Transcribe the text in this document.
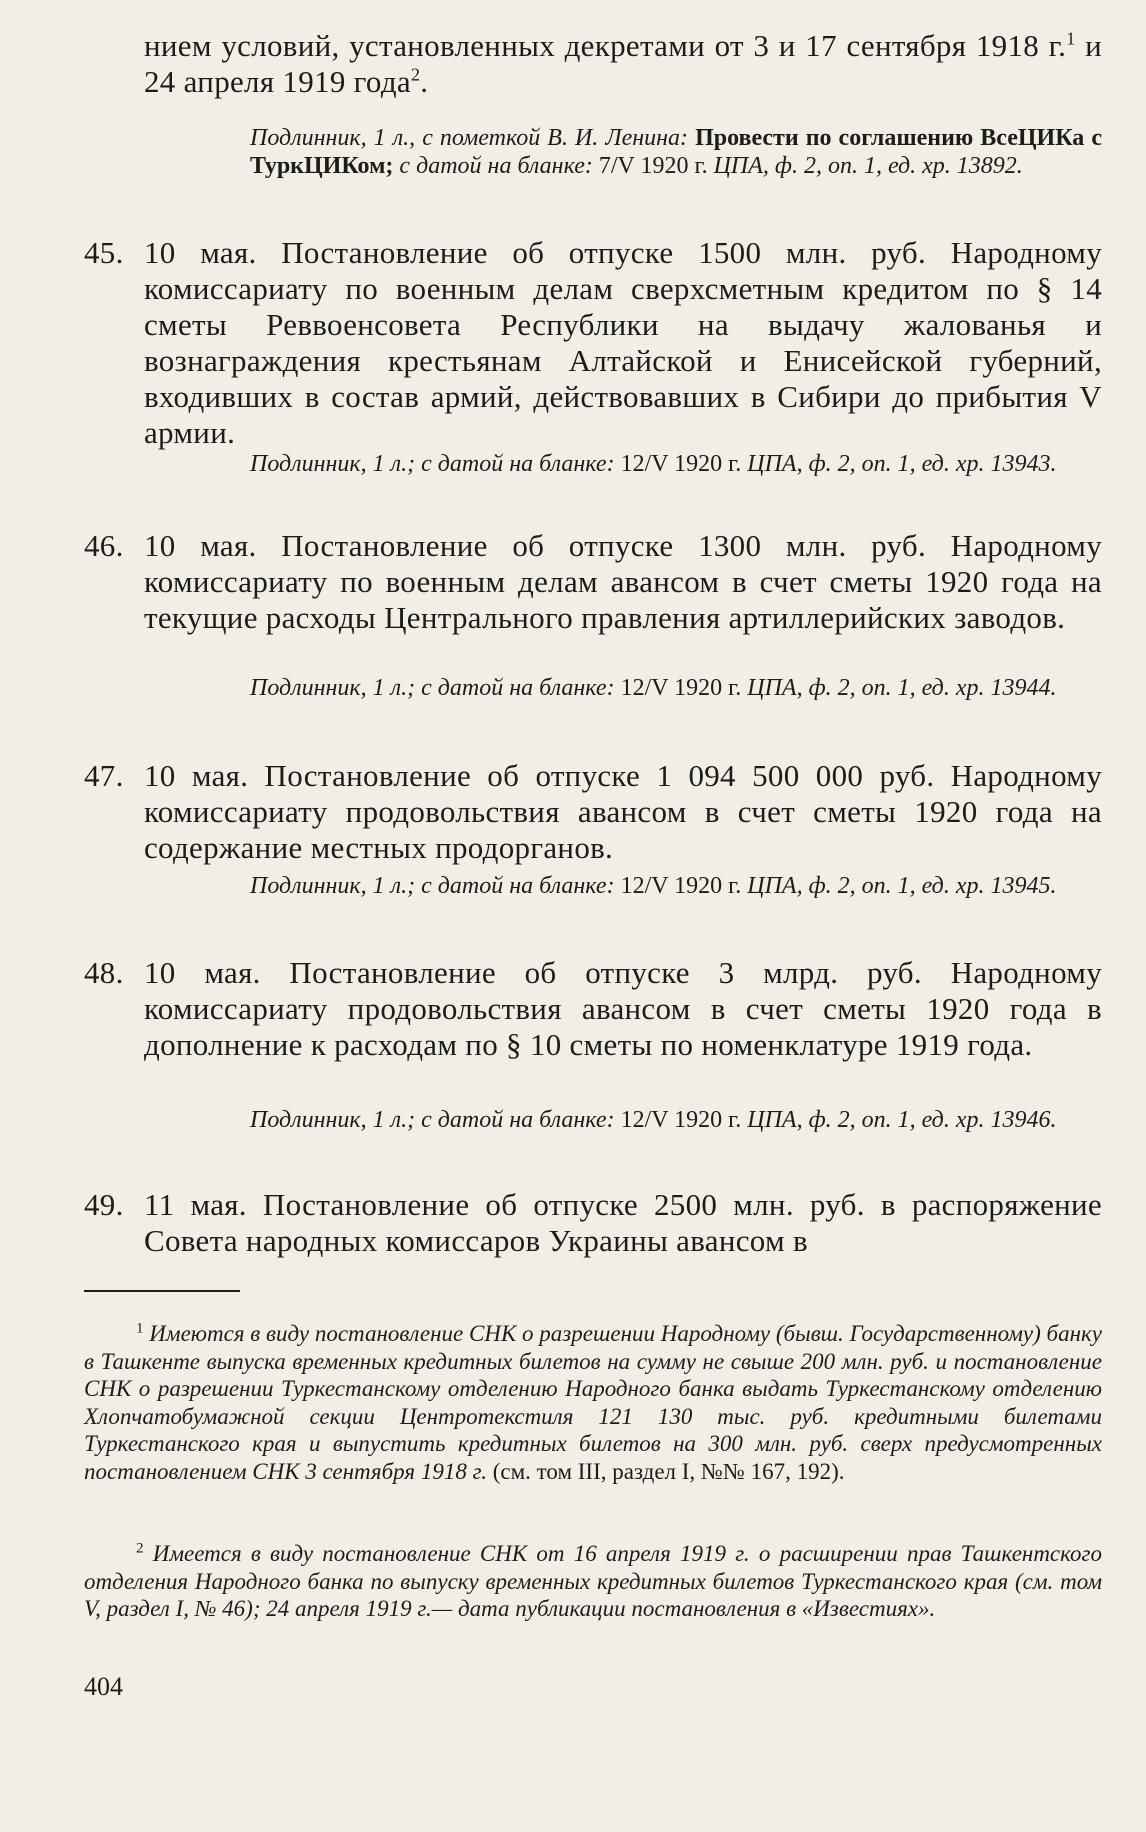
нием условий, установленных декретами от 3 и 17 сентября 1918 г.$^1$ и 24 апреля 1919 года$^2$.
Подлинник, 1 л., с пометкой В. И. Ленина: Провести по соглашению ВсеЦИКа с ТуркЦИКом; с датой на бланке: 7/V 1920 г. ЦПА, ф. 2, оп. 1, ед. хр. 13892.
45. 10 мая. Постановление об отпуске 1500 млн. руб. Народному комиссариату по военным делам сверхсметным кредитом по § 14 сметы Реввоенсовета Республики на выдачу жалованья и вознаграждения крестьянам Алтайской и Енисейской губерний, входивших в состав армий, действовавших в Сибири до прибытия V армии.
Подлинник, 1 л.; с датой на бланке: 12/V 1920 г. ЦПА, ф. 2, оп. 1, ед. хр. 13943.
46. 10 мая. Постановление об отпуске 1300 млн. руб. Народному комиссариату по военным делам авансом в счет сметы 1920 года на текущие расходы Центрального правления артиллерийских заводов.
Подлинник, 1 л.; с датой на бланке: 12/V 1920 г. ЦПА, ф. 2, оп. 1, ед. хр. 13944.
47. 10 мая. Постановление об отпуске 1 094 500 000 руб. Народному комиссариату продовольствия авансом в счет сметы 1920 года на содержание местных продорганов.
Подлинник, 1 л.; с датой на бланке: 12/V 1920 г. ЦПА, ф. 2, оп. 1, ед. хр. 13945.
48. 10 мая. Постановление об отпуске 3 млрд. руб. Народному комиссариату продовольствия авансом в счет сметы 1920 года в дополнение к расходам по § 10 сметы по номенклатуре 1919 года.
Подлинник, 1 л.; с датой на бланке: 12/V 1920 г. ЦПА, ф. 2, оп. 1, ед. хр. 13946.
49. 11 мая. Постановление об отпуске 2500 млн. руб. в распоряжение Совета народных комиссаров Украины авансом в
$^1$ Имеются в виду постановление СНК о разрешении Народному (бывш. Государственному) банку в Ташкенте выпуска временных кредитных билетов на сумму не свыше 200 млн. руб. и постановление СНК о разрешении Туркестанскому отделению Народного банка выдать Туркестанскому отделению Хлопчатобумажной секции Центротекстиля 121 130 тыс. руб. кредитными билетами Туркестанского края и выпустить кредитных билетов на 300 млн. руб. сверх предусмотренных постановлением СНК 3 сентября 1918 г. (см. том III, раздел I, №№ 167, 192).
$^2$ Имеется в виду постановление СНК от 16 апреля 1919 г. о расширении прав Ташкентского отделения Народного банка по выпуску временных кредитных билетов Туркестанского края (см. том V, раздел I, № 46); 24 апреля 1919 г.— дата публикации постановления в «Известиях».
404
